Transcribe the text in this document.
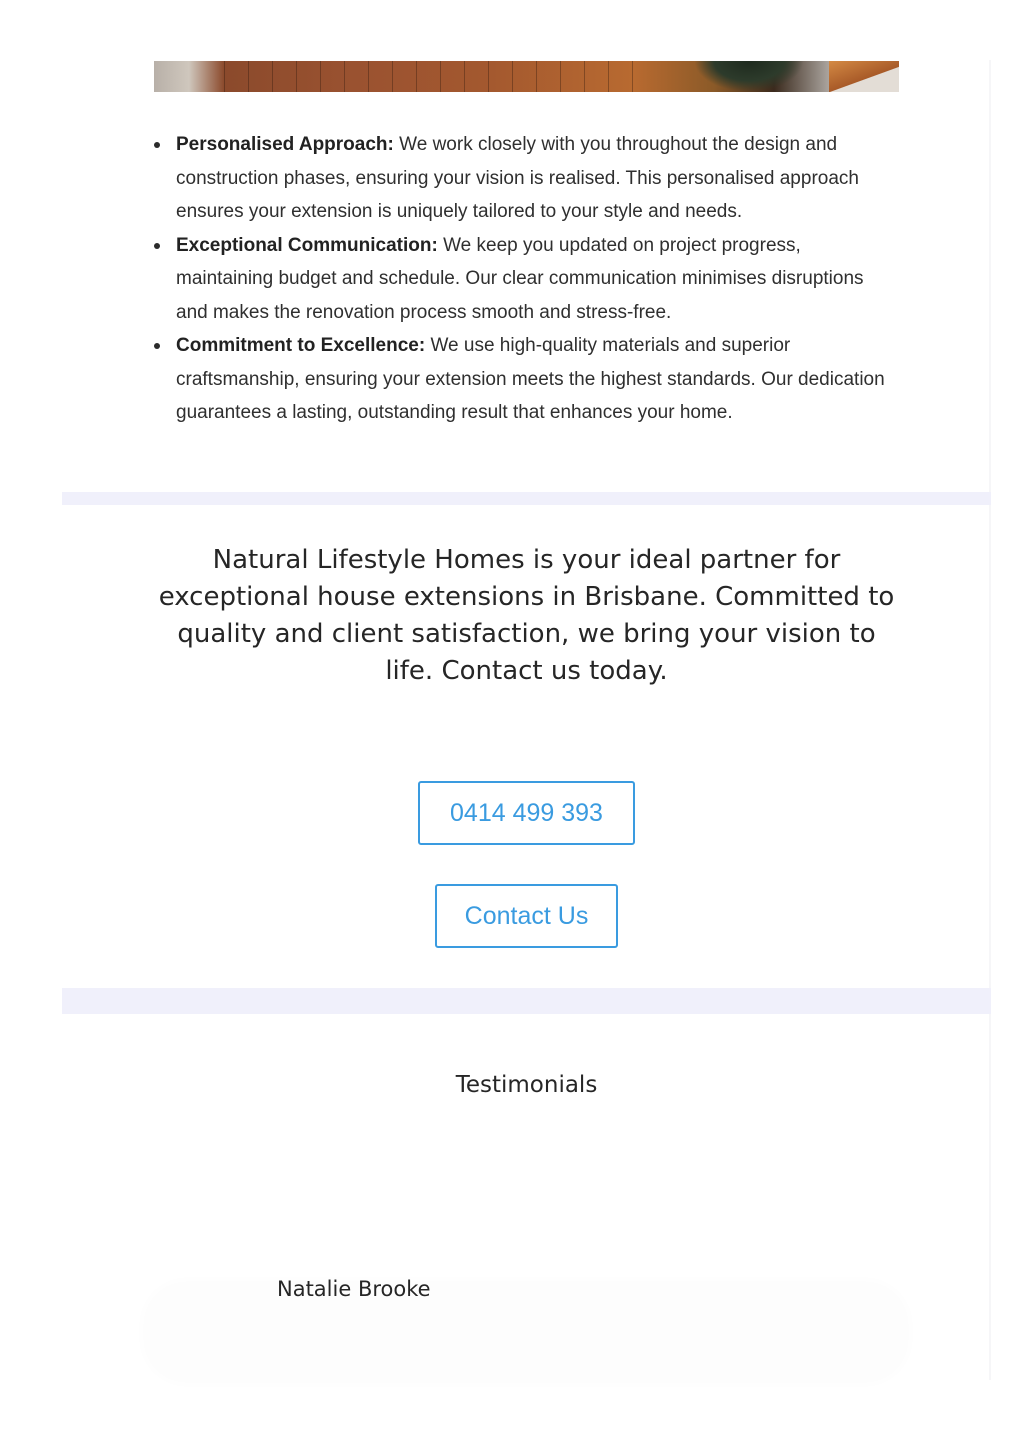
Personalised Approach: We work closely with you throughout the design and construction phases, ensuring your vision is realised. This personalised approach ensures your extension is uniquely tailored to your style and needs.
Exceptional Communication: We keep you updated on project progress, maintaining budget and schedule. Our clear communication minimises disruptions and makes the renovation process smooth and stress-free.
Commitment to Excellence: We use high-quality materials and superior craftsmanship, ensuring your extension meets the highest standards. Our dedication guarantees a lasting, outstanding result that enhances your home.
Natural Lifestyle Homes is your ideal partner for exceptional house extensions in Brisbane. Committed to quality and client satisfaction, we bring your vision to life. Contact us today.
0414 499 393
Contact Us
Testimonials
Natalie Brooke
